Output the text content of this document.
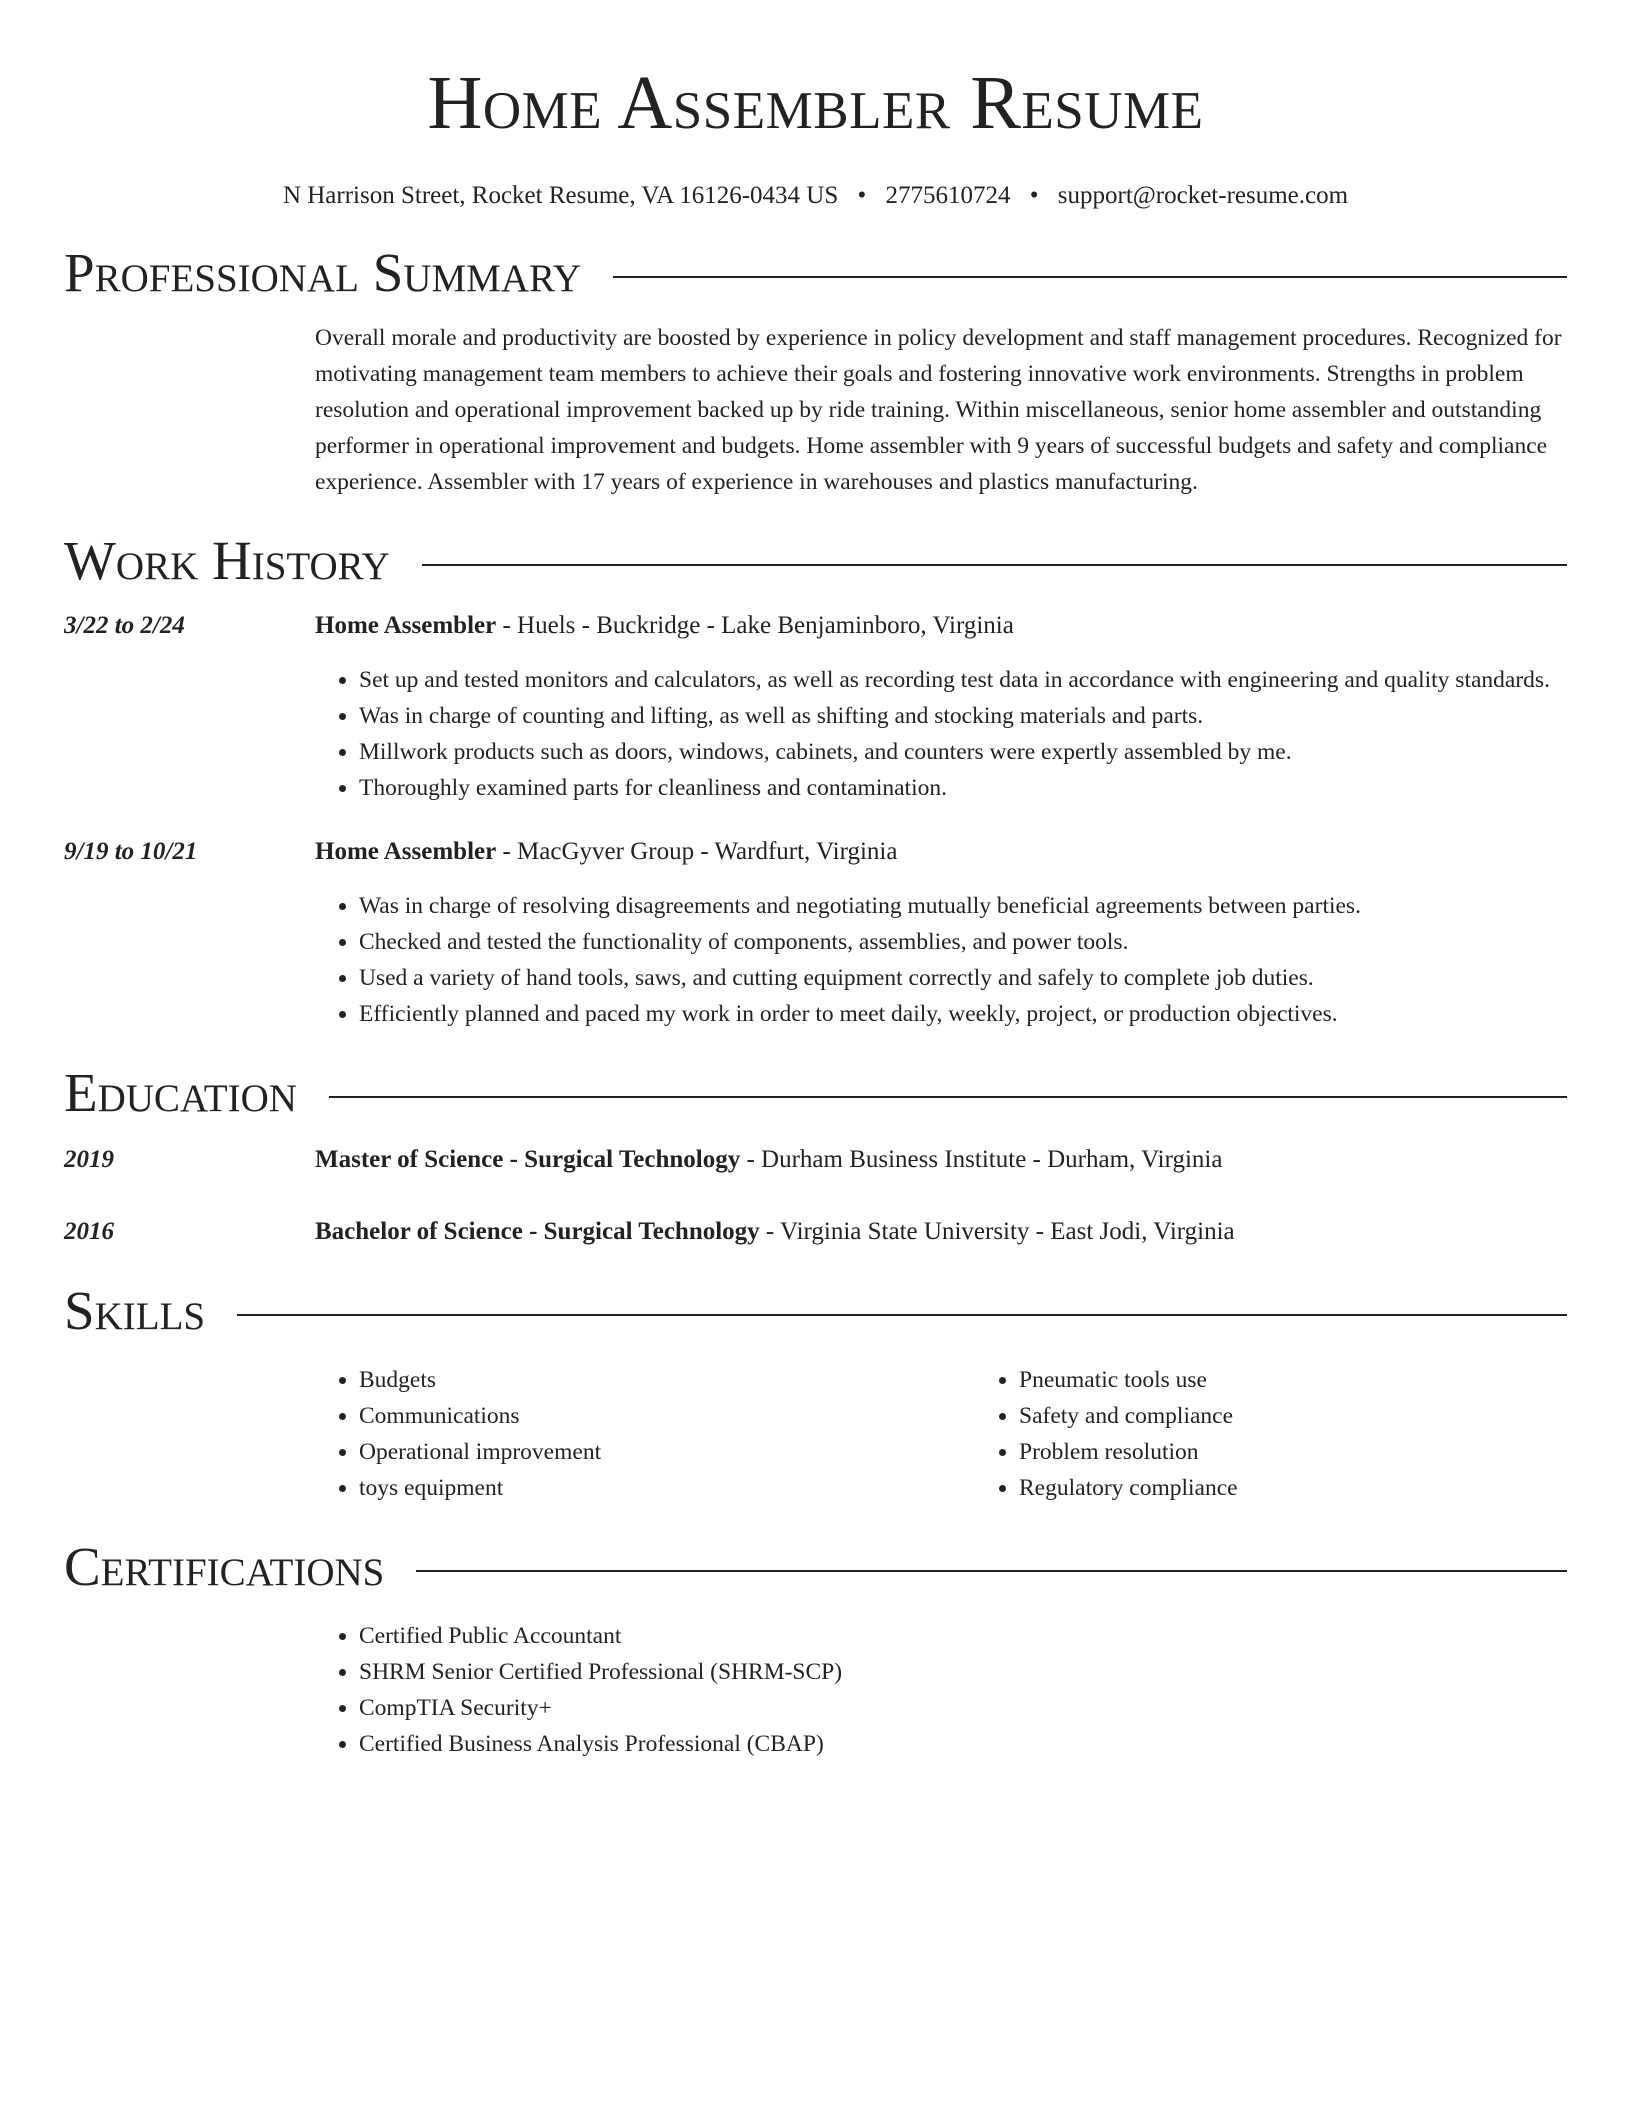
Home Assembler Resume
N Harrison Street, Rocket Resume, VA 16126-0434 US • 2775610724 • support@rocket-resume.com
Professional Summary
Overall morale and productivity are boosted by experience in policy development and staff management procedures. Recognized for motivating management team members to achieve their goals and fostering innovative work environments. Strengths in problem resolution and operational improvement backed up by ride training. Within miscellaneous, senior home assembler and outstanding performer in operational improvement and budgets. Home assembler with 9 years of successful budgets and safety and compliance experience. Assembler with 17 years of experience in warehouses and plastics manufacturing.
Work History
3/22 to 2/24	Home Assembler - Huels - Buckridge - Lake Benjaminboro, Virginia
• Set up and tested monitors and calculators, as well as recording test data in accordance with engineering and quality standards.
• Was in charge of counting and lifting, as well as shifting and stocking materials and parts.
• Millwork products such as doors, windows, cabinets, and counters were expertly assembled by me.
• Thoroughly examined parts for cleanliness and contamination.
9/19 to 10/21	Home Assembler - MacGyver Group - Wardfurt, Virginia
• Was in charge of resolving disagreements and negotiating mutually beneficial agreements between parties.
• Checked and tested the functionality of components, assemblies, and power tools.
• Used a variety of hand tools, saws, and cutting equipment correctly and safely to complete job duties.
• Efficiently planned and paced my work in order to meet daily, weekly, project, or production objectives.
Education
2019	Master of Science - Surgical Technology - Durham Business Institute - Durham, Virginia
2016	Bachelor of Science - Surgical Technology - Virginia State University - East Jodi, Virginia
Skills
• Budgets
• Communications
• Operational improvement
• toys equipment
• Pneumatic tools use
• Safety and compliance
• Problem resolution
• Regulatory compliance
Certifications
• Certified Public Accountant
• SHRM Senior Certified Professional (SHRM-SCP)
• CompTIA Security+
• Certified Business Analysis Professional (CBAP)
